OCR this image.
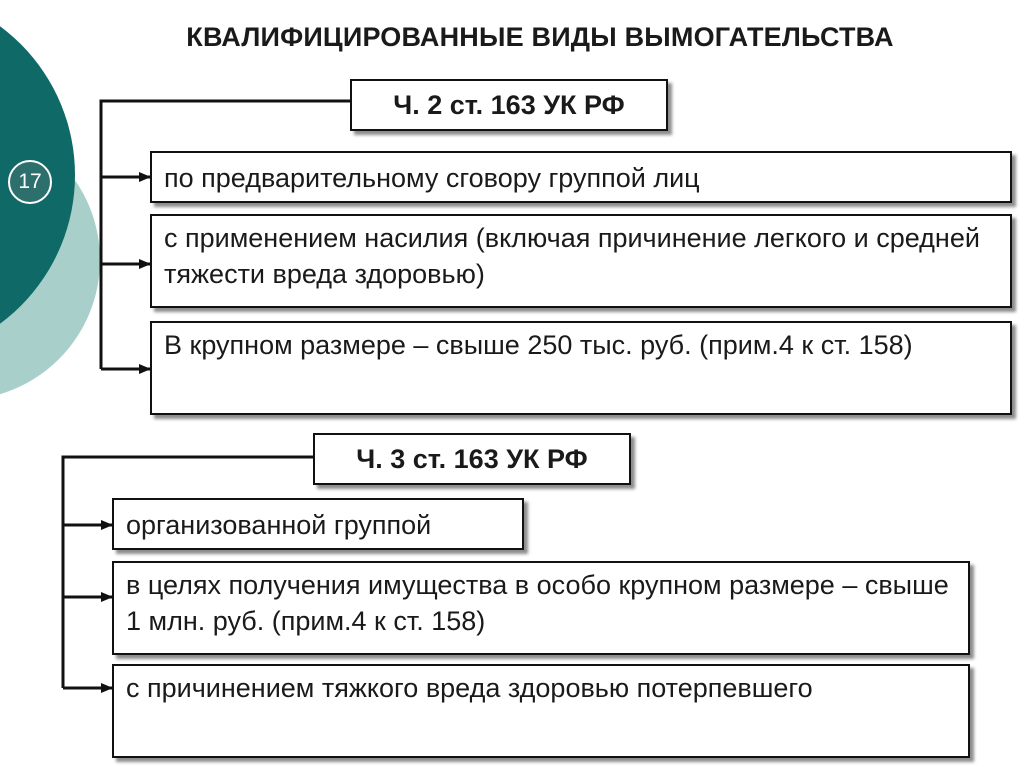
КВАЛИФИЦИРОВАННЫЕ ВИДЫ ВЫМОГАТЕЛЬСТВА
17
Ч. 2 ст. 163 УК РФ
по предварительному сговору группой лиц
с применением насилия (включая причинение легкого и средней тяжести вреда здоровью)
В крупном размере – свыше 250 тыс. руб. (прим.4 к ст. 158)
Ч. 3 ст. 163 УК РФ
организованной группой
в целях получения имущества в особо крупном размере – свыше 1 млн. руб. (прим.4 к ст. 158)
с причинением тяжкого вреда здоровью потерпевшего
